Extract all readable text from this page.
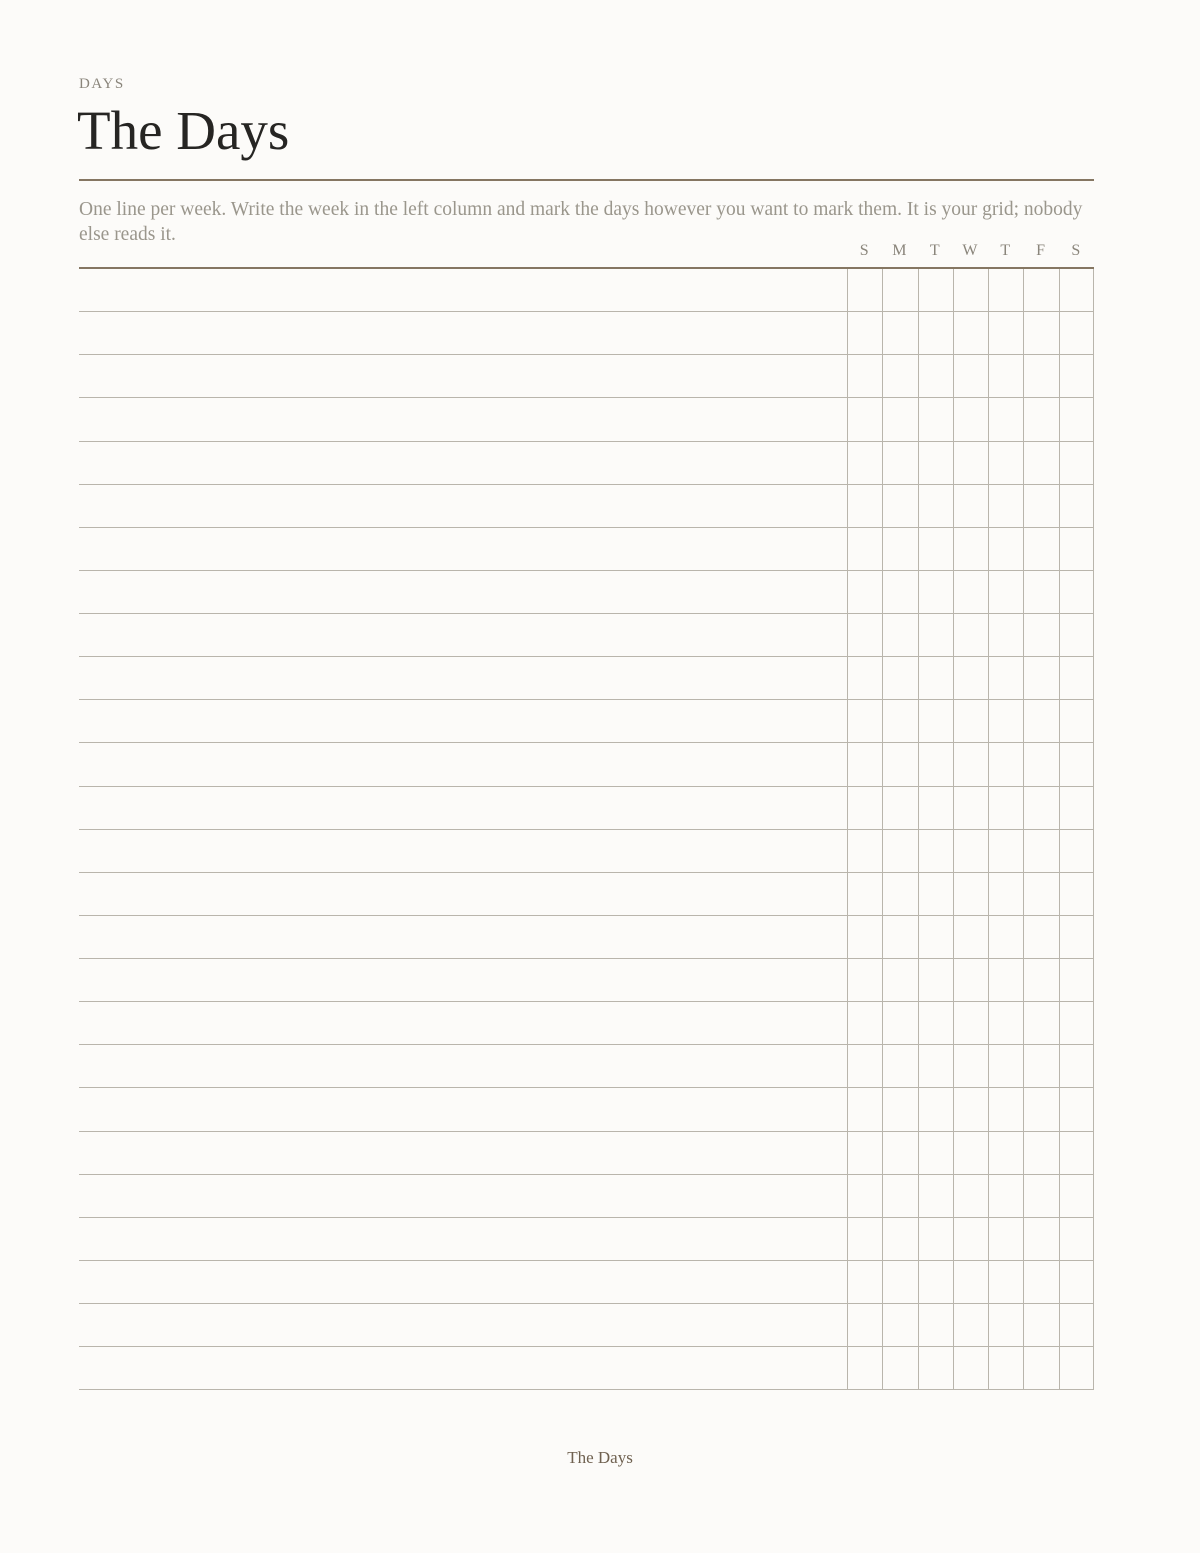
DAYS

The Days

One line per week. Write the week in the left column and mark the days however you want to mark them. It is your grid; nobody else reads it.

S	M	T	W	T	F	S

The Days
